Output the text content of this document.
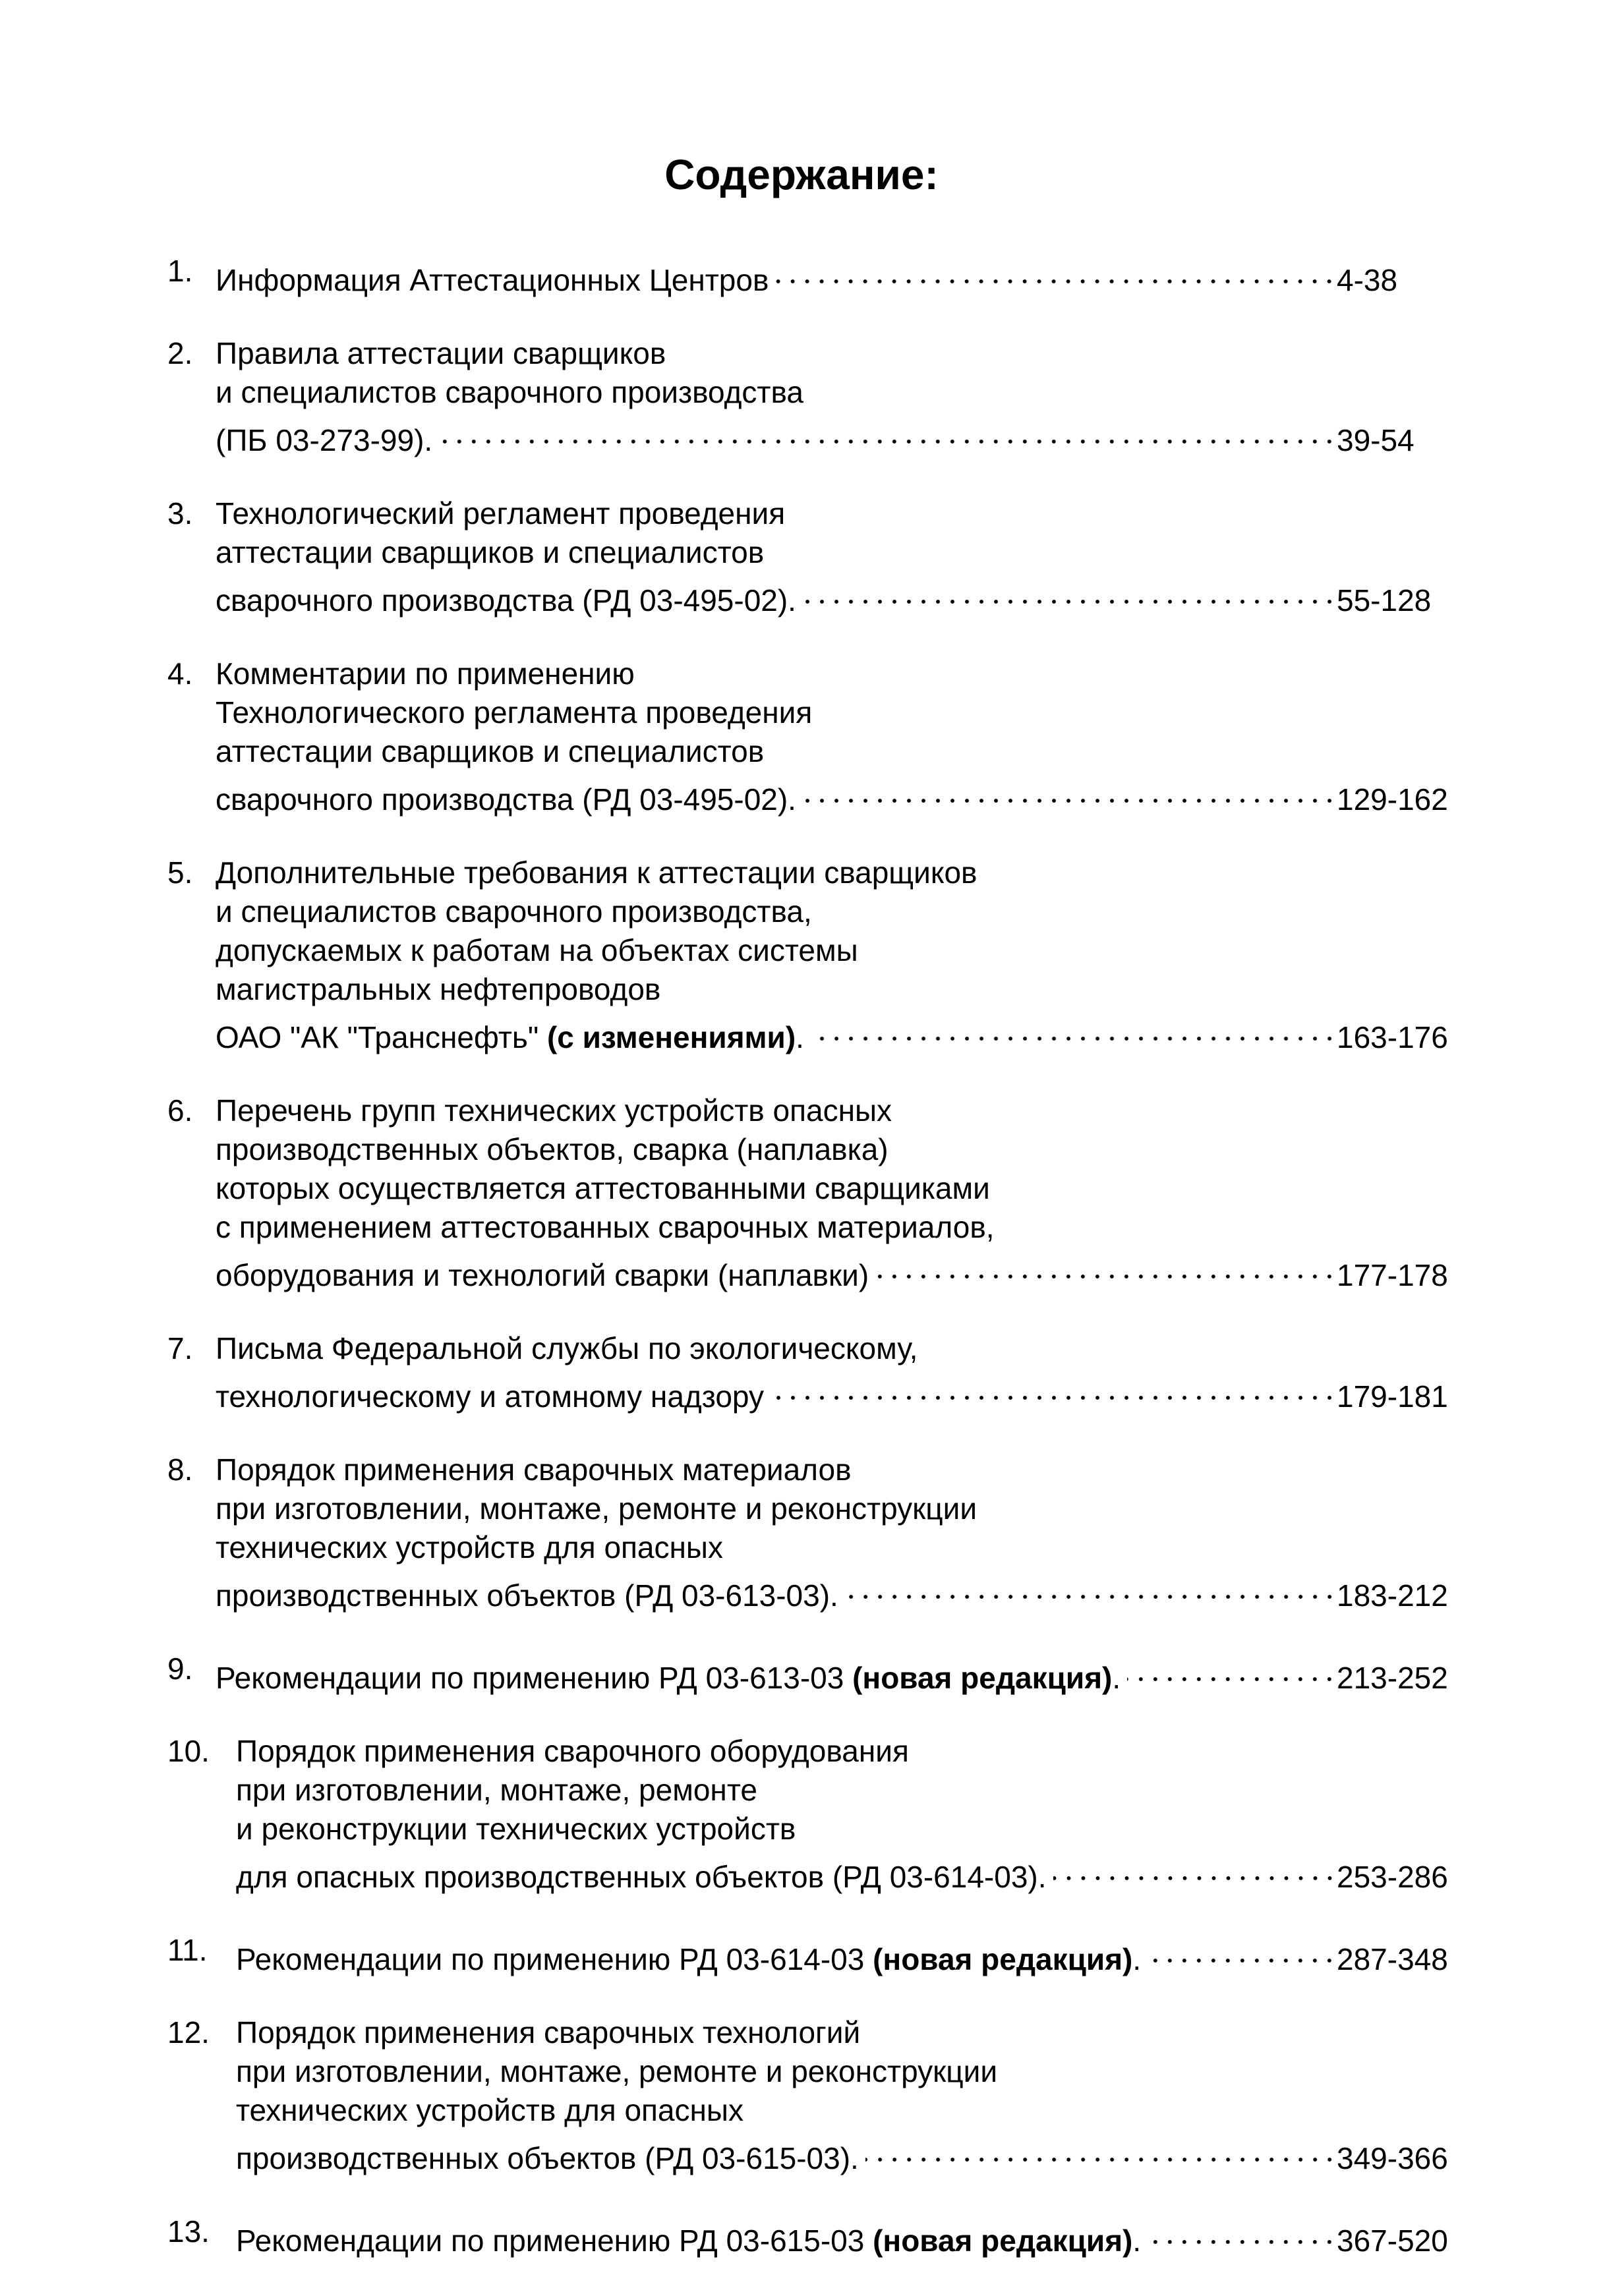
Содержание:
1. Информация Аттестационных Центров	4-38
2. Правила аттестации сварщиков
и специалистов сварочного производства
(ПБ 03-273-99).	39-54
3. Технологический регламент проведения
аттестации сварщиков и специалистов
сварочного производства (РД 03-495-02).	55-128
4. Комментарии по применению
Технологического регламента проведения
аттестации сварщиков и специалистов
сварочного производства (РД 03-495-02).	129-162
5. Дополнительные требования к аттестации сварщиков
и специалистов сварочного производства,
допускаемых к работам на объектах системы
магистральных нефтепроводов
ОАО "АК "Транснефть" (с изменениями).	163-176
6. Перечень групп технических устройств опасных
производственных объектов, сварка (наплавка)
которых осуществляется аттестованными сварщиками
с применением аттестованных сварочных материалов,
оборудования и технологий сварки (наплавки)	177-178
7. Письма Федеральной службы по экологическому,
технологическому и атомному надзору	179-181
8. Порядок применения сварочных материалов
при изготовлении, монтаже, ремонте и реконструкции
технических устройств для опасных
производственных объектов (РД 03-613-03).	183-212
9. Рекомендации по применению РД 03-613-03 (новая редакция).	213-252
10. Порядок применения сварочного оборудования
при изготовлении, монтаже, ремонте
и реконструкции технических устройств
для опасных производственных объектов (РД 03-614-03).	253-286
11. Рекомендации по применению РД 03-614-03 (новая редакция).	287-348
12. Порядок применения сварочных технологий
при изготовлении, монтаже, ремонте и реконструкции
технических устройств для опасных
производственных объектов (РД 03-615-03).	349-366
13. Рекомендации по применению РД 03-615-03 (новая редакция).	367-520
